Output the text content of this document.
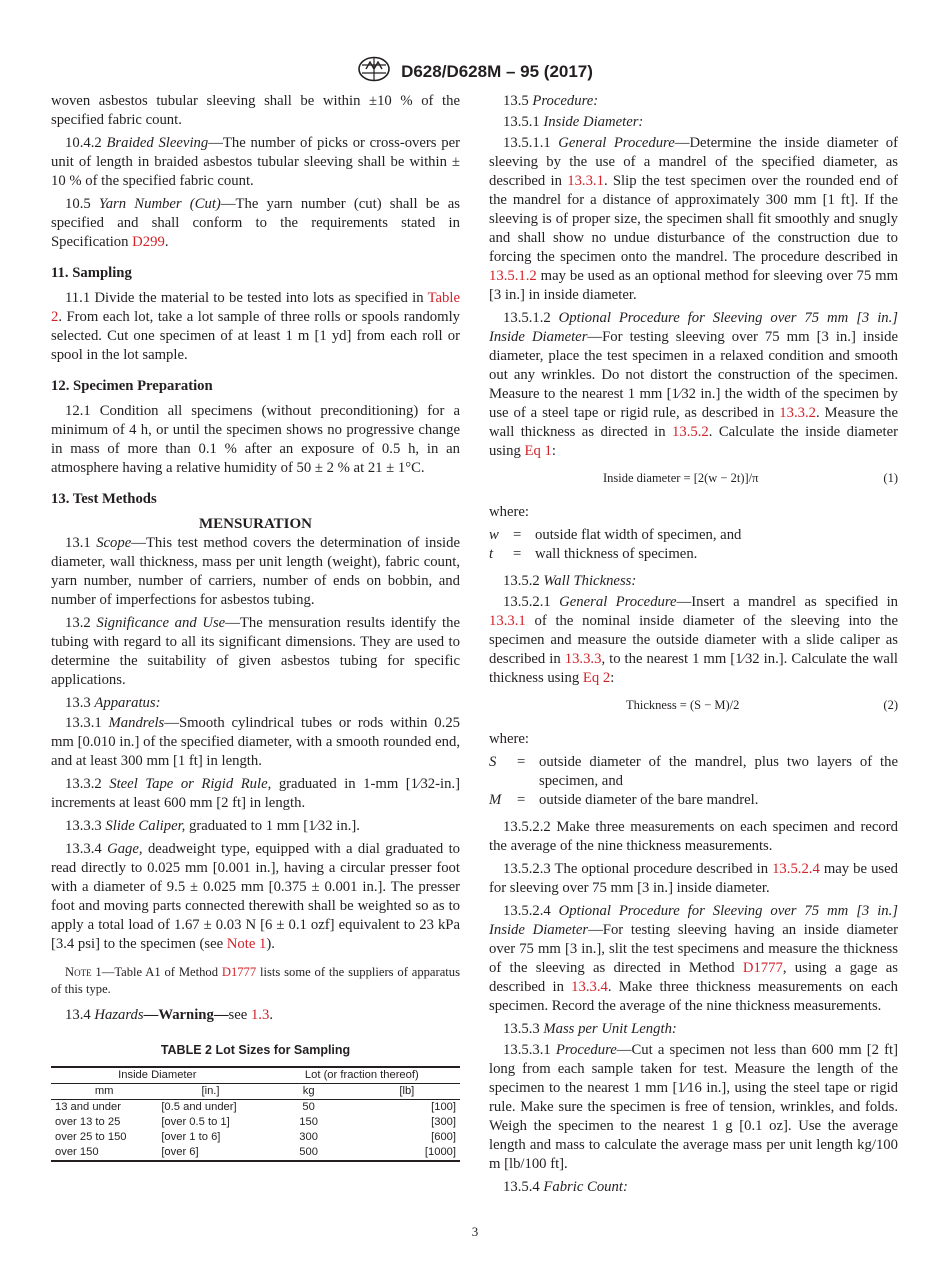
D628/D628M – 95 (2017)

woven asbestos tubular sleeving shall be within ±10 % of the specified fabric count.

10.4.2 Braided Sleeving—The number of picks or cross-overs per unit of length in braided asbestos tubular sleeving shall be within ± 10 % of the specified fabric count.

10.5 Yarn Number (Cut)—The yarn number (cut) shall be as specified and shall conform to the requirements stated in Specification D299.

11. Sampling

11.1 Divide the material to be tested into lots as specified in Table 2. From each lot, take a lot sample of three rolls or spools randomly selected. Cut one specimen of at least 1 m [1 yd] from each roll or spool in the lot sample.

12. Specimen Preparation

12.1 Condition all specimens (without preconditioning) for a minimum of 4 h, or until the specimen shows no progressive change in mass of more than 0.1 % after an exposure of 0.5 h, in an atmosphere having a relative humidity of 50 ± 2 % at 21 ± 1°C.

13. Test Methods
MENSURATION

13.1 Scope—This test method covers the determination of inside diameter, wall thickness, mass per unit length (weight), fabric count, yarn number, number of carriers, number of ends on bobbin, and number of imperfections for asbestos tubing.

13.2 Significance and Use—The mensuration results identify the tubing with regard to all its significant dimensions. They are used to determine the suitability of given asbestos tubing for specific applications.

13.3 Apparatus:

13.3.1 Mandrels—Smooth cylindrical tubes or rods within 0.25 mm [0.010 in.] of the specified diameter, with a smooth rounded end, and at least 300 mm [1 ft] in length.

13.3.2 Steel Tape or Rigid Rule, graduated in 1-mm [1⁄32-in.] increments at least 600 mm [2 ft] in length.

13.3.3 Slide Caliper, graduated to 1 mm [1⁄32 in.].

13.3.4 Gage, deadweight type, equipped with a dial graduated to read directly to 0.025 mm [0.001 in.], having a circular presser foot with a diameter of 9.5 ± 0.025 mm [0.375 ± 0.001 in.]. The presser foot and moving parts connected therewith shall be weighted so as to apply a total load of 1.67 ± 0.03 N [6 ± 0.1 ozf] equivalent to 23 kPa [3.4 psi] to the specimen (see Note 1).

Note 1—Table A1 of Method D1777 lists some of the suppliers of apparatus of this type.

13.4 Hazards—Warning—see 1.3.

TABLE 2 Lot Sizes for Sampling
Inside Diameter		Lot (or fraction thereof)	
mm	[in.]	kg	[lb]
13 and under	[0.5 and under]	50	[100]
over 13 to 25	[over 0.5 to 1]	150	[300]
over 25 to 150	[over 1 to 6]	300	[600]
over 150	[over 6]	500	[1000]

13.5 Procedure:

13.5.1 Inside Diameter:

13.5.1.1 General Procedure—Determine the inside diameter of sleeving by the use of a mandrel of the specified diameter, as described in 13.3.1. Slip the test specimen over the rounded end of the mandrel for a distance of approximately 300 mm [1 ft]. If the sleeving is of proper size, the specimen shall fit smoothly and snugly and shall show no undue disturbance of the construction due to forcing the specimen onto the mandrel. The procedure described in 13.5.1.2 may be used as an optional method for sleeving over 75 mm [3 in.] in inside diameter.

13.5.1.2 Optional Procedure for Sleeving over 75 mm [3 in.] Inside Diameter—For testing sleeving over 75 mm [3 in.] inside diameter, place the test specimen in a relaxed condition and smooth out any wrinkles. Do not distort the construction of the specimen. Measure to the nearest 1 mm [1⁄32 in.] the width of the specimen by use of a steel tape or rigid rule, as described in 13.3.2. Measure the wall thickness as directed in 13.5.2. Calculate the inside diameter using Eq 1:

Inside diameter = [2(w − 2t)]/π	(1)

where:

w = outside flat width of specimen, and
t	= wall thickness of specimen.

13.5.2 Wall Thickness:

13.5.2.1 General Procedure—Insert a mandrel as specified in 13.3.1 of the nominal inside diameter of the sleeving into the specimen and measure the outside diameter with a slide caliper as described in 13.3.3, to the nearest 1 mm [1⁄32 in.]. Calculate the wall thickness using Eq 2:

Thickness = (S − M)/2	(2)

where:

S	= outside diameter of the mandrel, plus two layers of the specimen, and
M	= outside diameter of the bare mandrel.

13.5.2.2 Make three measurements on each specimen and record the average of the nine thickness measurements.

13.5.2.3 The optional procedure described in 13.5.2.4 may be used for sleeving over 75 mm [3 in.] inside diameter.

13.5.2.4 Optional Procedure for Sleeving over 75 mm [3 in.] Inside Diameter—For testing sleeving having an inside diameter over 75 mm [3 in.], slit the test specimens and measure the thickness of the sleeving as directed in Method D1777, using a gage as described in 13.3.4. Make three thickness measurements on each specimen. Record the average of the nine thickness measurements.

13.5.3 Mass per Unit Length:

13.5.3.1 Procedure—Cut a specimen not less than 600 mm [2 ft] long from each sample taken for test. Measure the length of the specimen to the nearest 1 mm [1⁄16 in.], using the steel tape or rigid rule. Make sure the specimen is free of tension, wrinkles, and folds. Weigh the specimen to the nearest 1 g [0.1 oz]. Use the average length and mass to calculate the average mass per unit length kg/100 m [lb/100 ft].

13.5.4 Fabric Count:

3
